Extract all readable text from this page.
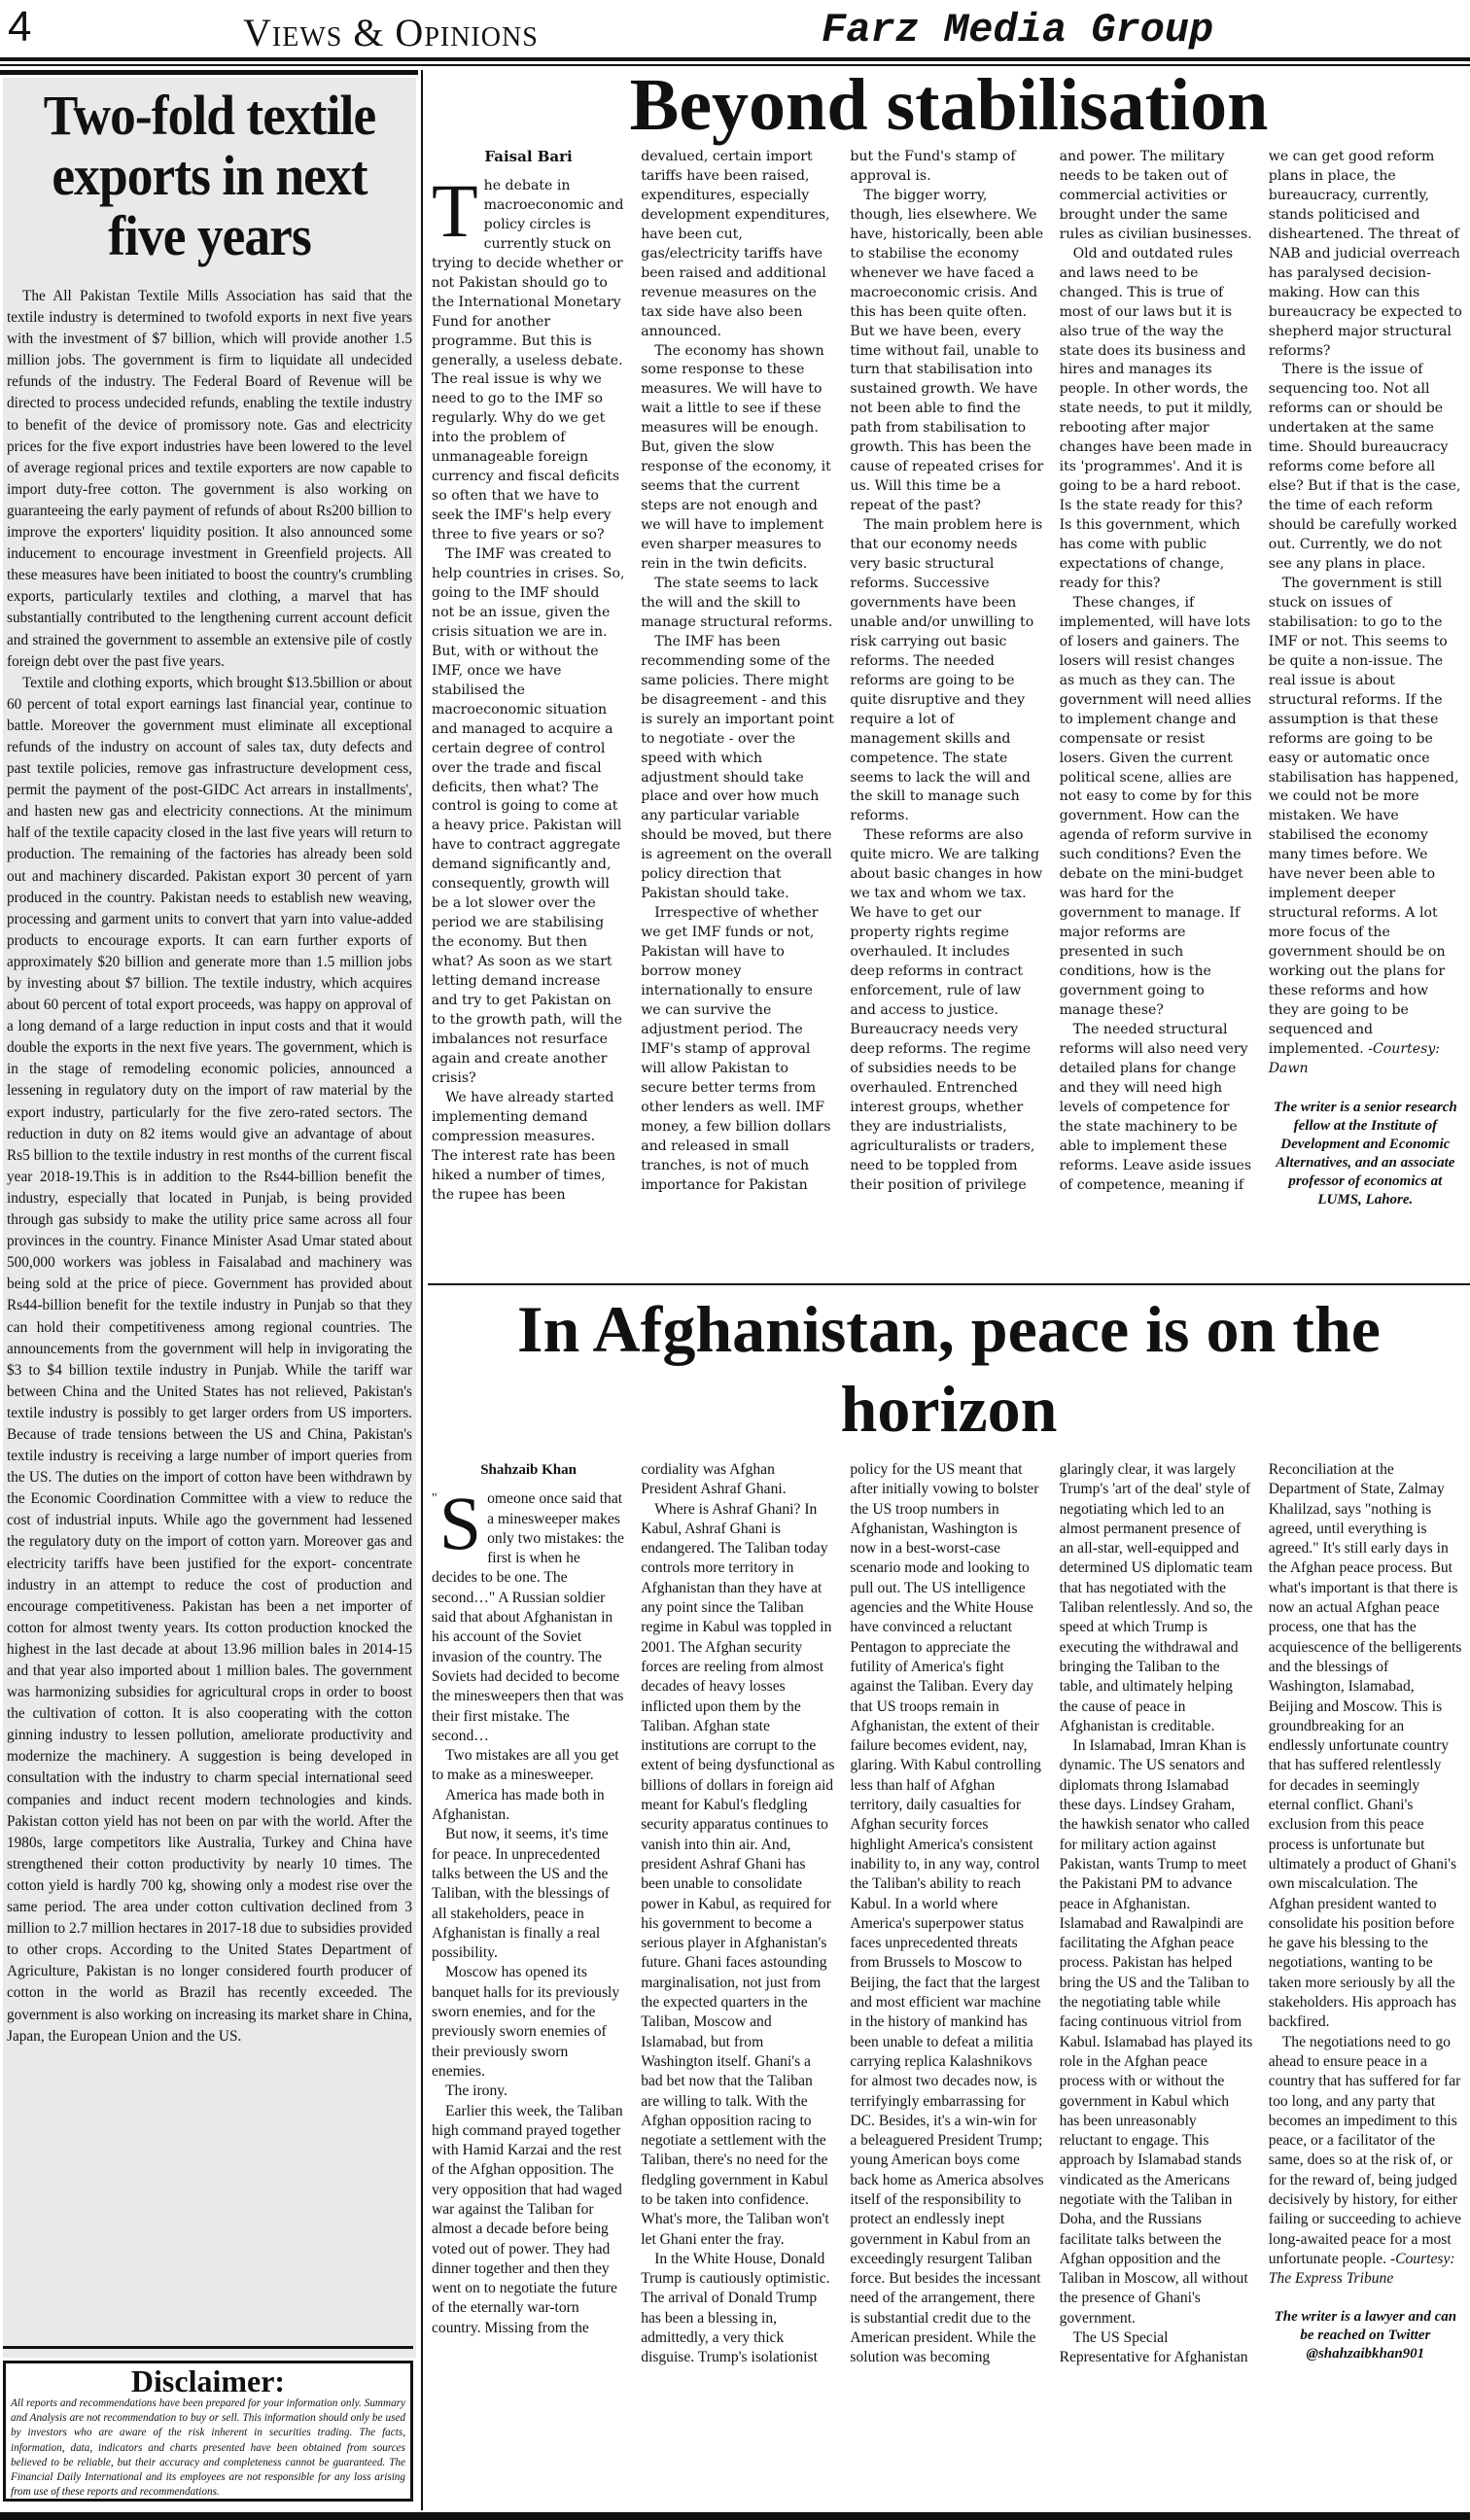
4	Views & Opinions	Farz Media Group
Two-fold textile exports in next five years

The All Pakistan Textile Mills Association has said that the textile industry is determined to twofold exports in next five years with the investment of $7 billion, which will provide another 1.5 million jobs. The government is firm to liquidate all undecided refunds of the industry. The Federal Board of Revenue will be directed to process undecided refunds, enabling the textile industry to benefit of the device of promissory note. Gas and electricity prices for the five export industries have been lowered to the level of average regional prices and textile exporters are now capable to import duty-free cotton. The government is also working on guaranteeing the early payment of refunds of about Rs200 billion to improve the exporters' liquidity position. It also announced some inducement to encourage investment in Greenfield projects. All these measures have been initiated to boost the country's crumbling exports, particularly textiles and clothing, a marvel that has substantially contributed to the lengthening current account deficit and strained the government to assemble an extensive pile of costly foreign debt over the past five years.

Textile and clothing exports, which brought $13.5billion or about 60 percent of total export earnings last financial year, continue to battle. Moreover the government must eliminate all exceptional refunds of the industry on account of sales tax, duty defects and past textile policies, remove gas infrastructure development cess, permit the payment of the post-GIDC Act arrears in installments', and hasten new gas and electricity connections. At the minimum half of the textile capacity closed in the last five years will return to production. The remaining of the factories has already been sold out and machinery discarded. Pakistan export 30 percent of yarn produced in the country. Pakistan needs to establish new weaving, processing and garment units to convert that yarn into value-added products to encourage exports. It can earn further exports of approximately $20 billion and generate more than 1.5 million jobs by investing about $7 billion. The textile industry, which acquires about 60 percent of total export proceeds, was happy on approval of a long demand of a large reduction in input costs and that it would double the exports in the next five years. The government, which is in the stage of remodeling economic policies, announced a lessening in regulatory duty on the import of raw material by the export industry, particularly for the five zero-rated sectors. The reduction in duty on 82 items would give an advantage of about Rs5 billion to the textile industry in rest months of the current fiscal year 2018-19.This is in addition to the Rs44-billion benefit the industry, especially that located in Punjab, is being provided through gas subsidy to make the utility price same across all four provinces in the country. Finance Minister Asad Umar stated about 500,000 workers was jobless in Faisalabad and machinery was being sold at the price of piece. Government has provided about Rs44-billion benefit for the textile industry in Punjab so that they can hold their competitiveness among regional countries. The announcements from the government will help in invigorating the $3 to $4 billion textile industry in Punjab. While the tariff war between China and the United States has not relieved, Pakistan's textile industry is possibly to get larger orders from US importers. Because of trade tensions between the US and China, Pakistan's textile industry is receiving a large number of import queries from the US. The duties on the import of cotton have been withdrawn by the Economic Coordination Committee with a view to reduce the cost of industrial inputs. While ago the government had lessened the regulatory duty on the import of cotton yarn. Moreover gas and electricity tariffs have been justified for the export- concentrate industry in an attempt to reduce the cost of production and encourage competitiveness. Pakistan has been a net importer of cotton for almost twenty years. Its cotton production knocked the highest in the last decade at about 13.96 million bales in 2014-15 and that year also imported about 1 million bales. The government was harmonizing subsidies for agricultural crops in order to boost the cultivation of cotton. It is also cooperating with the cotton ginning industry to lessen pollution, ameliorate productivity and modernize the machinery. A suggestion is being developed in consultation with the industry to charm special international seed companies and induct recent modern technologies and kinds. Pakistan cotton yield has not been on par with the world. After the 1980s, large competitors like Australia, Turkey and China have strengthened their cotton productivity by nearly 10 times. The cotton yield is hardly 700 kg, showing only a modest rise over the same period. The area under cotton cultivation declined from 3 million to 2.7 million hectares in 2017-18 due to subsidies provided to other crops. According to the United States Department of Agriculture, Pakistan is no longer considered fourth producer of cotton in the world as Brazil has recently exceeded. The government is also working on increasing its market share in China, Japan, the European Union and the US.

Disclaimer:

All reports and recommendations have been prepared for your information only. Summary and Analysis are not recommendation to buy or sell. This information should only be used by investors who are aware of the risk inherent in securities trading. The facts, information, data, indicators and charts presented have been obtained from sources believed to be reliable, but their accuracy and completeness cannot be guaranteed. The Financial Daily International and its employees are not responsible for any loss arising from use of these reports and recommendations.

Beyond stabilisation
Faisal Bari

The debate in macroeconomic and policy circles is currently stuck on trying to decide whether or not Pakistan should go to the International Monetary Fund for another programme. But this is generally, a useless debate. The real issue is why we need to go to the IMF so regularly. Why do we get into the problem of unmanageable foreign currency and fiscal deficits so often that we have to seek the IMF's help every three to five years or so?

The IMF was created to help countries in crises. So, going to the IMF should not be an issue, given the crisis situation we are in. But, with or without the IMF, once we have stabilised the macroeconomic situation and managed to acquire a certain degree of control over the trade and fiscal deficits, then what? The control is going to come at a heavy price. Pakistan will have to contract aggregate demand significantly and, consequently, growth will be a lot slower over the period we are stabilising the economy. But then what? As soon as we start letting demand increase and try to get Pakistan on to the growth path, will the imbalances not resurface again and create another crisis?

We have already started implementing demand compression measures. The interest rate has been hiked a number of times, the rupee has been devalued, certain import tariffs have been raised, expenditures, especially development expenditures, have been cut, gas/electricity tariffs have been raised and additional revenue measures on the tax side have also been announced.

The economy has shown some response to these measures. We will have to wait a little to see if these measures will be enough. But, given the slow response of the economy, it seems that the current steps are not enough and we will have to implement even sharper measures to rein in the twin deficits.

The state seems to lack the will and the skill to manage structural reforms.

The IMF has been recommending some of the same policies. There might be disagreement - and this is surely an important point to negotiate - over the speed with which adjustment should take place and over how much any particular variable should be moved, but there is agreement on the overall policy direction that Pakistan should take.

Irrespective of whether we get IMF funds or not, Pakistan will have to borrow money internationally to ensure we can survive the adjustment period. The IMF's stamp of approval will allow Pakistan to secure better terms from other lenders as well. IMF money, a few billion dollars and released in small tranches, is not of much importance for Pakistan but the Fund's stamp of approval is.

The bigger worry, though, lies elsewhere. We have, historically, been able to stabilise the economy whenever we have faced a macroeconomic crisis. And this has been quite often. But we have been, every time without fail, unable to turn that stabilisation into sustained growth. We have not been able to find the path from stabilisation to growth. This has been the cause of repeated crises for us. Will this time be a repeat of the past?

The main problem here is that our economy needs very basic structural reforms. Successive governments have been unable and/or unwilling to risk carrying out basic reforms. The needed reforms are going to be quite disruptive and they require a lot of management skills and competence. The state seems to lack the will and the skill to manage such reforms.

These reforms are also quite micro. We are talking about basic changes in how we tax and whom we tax. We have to get our property rights regime overhauled. It includes deep reforms in contract enforcement, rule of law and access to justice. Bureaucracy needs very deep reforms. The regime of subsidies needs to be overhauled. Entrenched interest groups, whether they are industrialists, agriculturalists or traders, need to be toppled from their position of privilege and power. The military needs to be taken out of commercial activities or brought under the same rules as civilian businesses.

Old and outdated rules and laws need to be changed. This is true of most of our laws but it is also true of the way the state does its business and hires and manages its people. In other words, the state needs, to put it mildly, rebooting after major changes have been made in its 'programmes'. And it is going to be a hard reboot. Is the state ready for this? Is this government, which has come with public expectations of change, ready for this?

These changes, if implemented, will have lots of losers and gainers. The losers will resist changes as much as they can. The government will need allies to implement change and compensate or resist losers. Given the current political scene, allies are not easy to come by for this government. How can the agenda of reform survive in such conditions? Even the debate on the mini-budget was hard for the government to manage. If major reforms are presented in such conditions, how is the government going to manage these?

The needed structural reforms will also need very detailed plans for change and they will need high levels of competence for the state machinery to be able to implement these reforms. Leave aside issues of competence, meaning if we can get good reform plans in place, the bureaucracy, currently, stands politicised and disheartened. The threat of NAB and judicial overreach has paralysed decision-making. How can this bureaucracy be expected to shepherd major structural reforms?

There is the issue of sequencing too. Not all reforms can or should be undertaken at the same time. Should bureaucracy reforms come before all else? But if that is the case, the time of each reform should be carefully worked out. Currently, we do not see any plans in place.

The government is still stuck on issues of stabilisation: to go to the IMF or not. This seems to be quite a non-issue. The real issue is about structural reforms. If the assumption is that these reforms are going to be easy or automatic once stabilisation has happened, we could not be more mistaken. We have stabilised the economy many times before. We have never been able to implement deeper structural reforms. A lot more focus of the government should be on working out the plans for these reforms and how they are going to be sequenced and implemented. -Courtesy: Dawn

The writer is a senior research fellow at the Institute of Development and Economic Alternatives, and an associate professor of economics at LUMS, Lahore.

In Afghanistan, peace is on the horizon
Shahzaib Khan

" S omeone once said that a minesweeper makes only two mistakes: the first is when he decides to be one. The second…" A Russian soldier said that about Afghanistan in his account of the Soviet invasion of the country. The Soviets had decided to become the minesweepers then that was their first mistake. The second…

Two mistakes are all you get to make as a minesweeper.

America has made both in Afghanistan.

But now, it seems, it's time for peace. In unprecedented talks between the US and the Taliban, with the blessings of all stakeholders, peace in Afghanistan is finally a real possibility.

Moscow has opened its banquet halls for its previously sworn enemies, and for the previously sworn enemies of their previously sworn enemies.

The irony.

Earlier this week, the Taliban high command prayed together with Hamid Karzai and the rest of the Afghan opposition. The very opposition that had waged war against the Taliban for almost a decade before being voted out of power. They had dinner together and then they went on to negotiate the future of the eternally war-torn country. Missing from the cordiality was Afghan President Ashraf Ghani.

Where is Ashraf Ghani? In Kabul, Ashraf Ghani is endangered. The Taliban today controls more territory in Afghanistan than they have at any point since the Taliban regime in Kabul was toppled in 2001. The Afghan security forces are reeling from almost decades of heavy losses inflicted upon them by the Taliban. Afghan state institutions are corrupt to the extent of being dysfunctional as billions of dollars in foreign aid meant for Kabul's fledgling security apparatus continues to vanish into thin air. And, president Ashraf Ghani has been unable to consolidate power in Kabul, as required for his government to become a serious player in Afghanistan's future. Ghani faces astounding marginalisation, not just from the expected quarters in the Taliban, Moscow and Islamabad, but from Washington itself. Ghani's a bad bet now that the Taliban are willing to talk. With the Afghan opposition racing to negotiate a settlement with the Taliban, there's no need for the fledgling government in Kabul to be taken into confidence. What's more, the Taliban won't let Ghani enter the fray.

In the White House, Donald Trump is cautiously optimistic. The arrival of Donald Trump has been a blessing in, admittedly, a very thick disguise. Trump's isolationist policy for the US meant that after initially vowing to bolster the US troop numbers in Afghanistan, Washington is now in a best-worst-case scenario mode and looking to pull out. The US intelligence agencies and the White House have convinced a reluctant Pentagon to appreciate the futility of America's fight against the Taliban. Every day that US troops remain in Afghanistan, the extent of their failure becomes evident, nay, glaring. With Kabul controlling less than half of Afghan territory, daily casualties for Afghan security forces highlight America's consistent inability to, in any way, control the Taliban's ability to reach Kabul. In a world where America's superpower status faces unprecedented threats from Brussels to Moscow to Beijing, the fact that the largest and most efficient war machine in the history of mankind has been unable to defeat a militia carrying replica Kalashnikovs for almost two decades now, is terrifyingly embarrassing for DC. Besides, it's a win-win for a beleaguered President Trump; young American boys come back home as America absolves itself of the responsibility to protect an endlessly inept government in Kabul from an exceedingly resurgent Taliban force. But besides the incessant need of the arrangement, there is substantial credit due to the American president. While the solution was becoming glaringly clear, it was largely Trump's 'art of the deal' style of negotiating which led to an almost permanent presence of an all-star, well-equipped and determined US diplomatic team that has negotiated with the Taliban relentlessly. And so, the speed at which Trump is executing the withdrawal and bringing the Taliban to the table, and ultimately helping the cause of peace in Afghanistan is creditable.

In Islamabad, Imran Khan is dynamic. The US senators and diplomats throng Islamabad these days. Lindsey Graham, the hawkish senator who called for military action against Pakistan, wants Trump to meet the Pakistani PM to advance peace in Afghanistan. Islamabad and Rawalpindi are facilitating the Afghan peace process. Pakistan has helped bring the US and the Taliban to the negotiating table while facing continuous vitriol from Kabul. Islamabad has played its role in the Afghan peace process with or without the government in Kabul which has been unreasonably reluctant to engage. This approach by Islamabad stands vindicated as the Americans negotiate with the Taliban in Doha, and the Russians facilitate talks between the Afghan opposition and the Taliban in Moscow, all without the presence of Ghani's government.

The US Special Representative for Afghanistan Reconciliation at the Department of State, Zalmay Khalilzad, says "nothing is agreed, until everything is agreed." It's still early days in the Afghan peace process. But what's important is that there is now an actual Afghan peace process, one that has the acquiescence of the belligerents and the blessings of Washington, Islamabad, Beijing and Moscow. This is groundbreaking for an endlessly unfortunate country that has suffered relentlessly for decades in seemingly eternal conflict. Ghani's exclusion from this peace process is unfortunate but ultimately a product of Ghani's own miscalculation. The Afghan president wanted to consolidate his position before he gave his blessing to the negotiations, wanting to be taken more seriously by all the stakeholders. His approach has backfired.

The negotiations need to go ahead to ensure peace in a country that has suffered for far too long, and any party that becomes an impediment to this peace, or a facilitator of the same, does so at the risk of, or for the reward of, being judged decisively by history, for either failing or succeeding to achieve long-awaited peace for a most unfortunate people. -Courtesy: The Express Tribune

The writer is a lawyer and can be reached on Twitter @shahzaibkhan901
